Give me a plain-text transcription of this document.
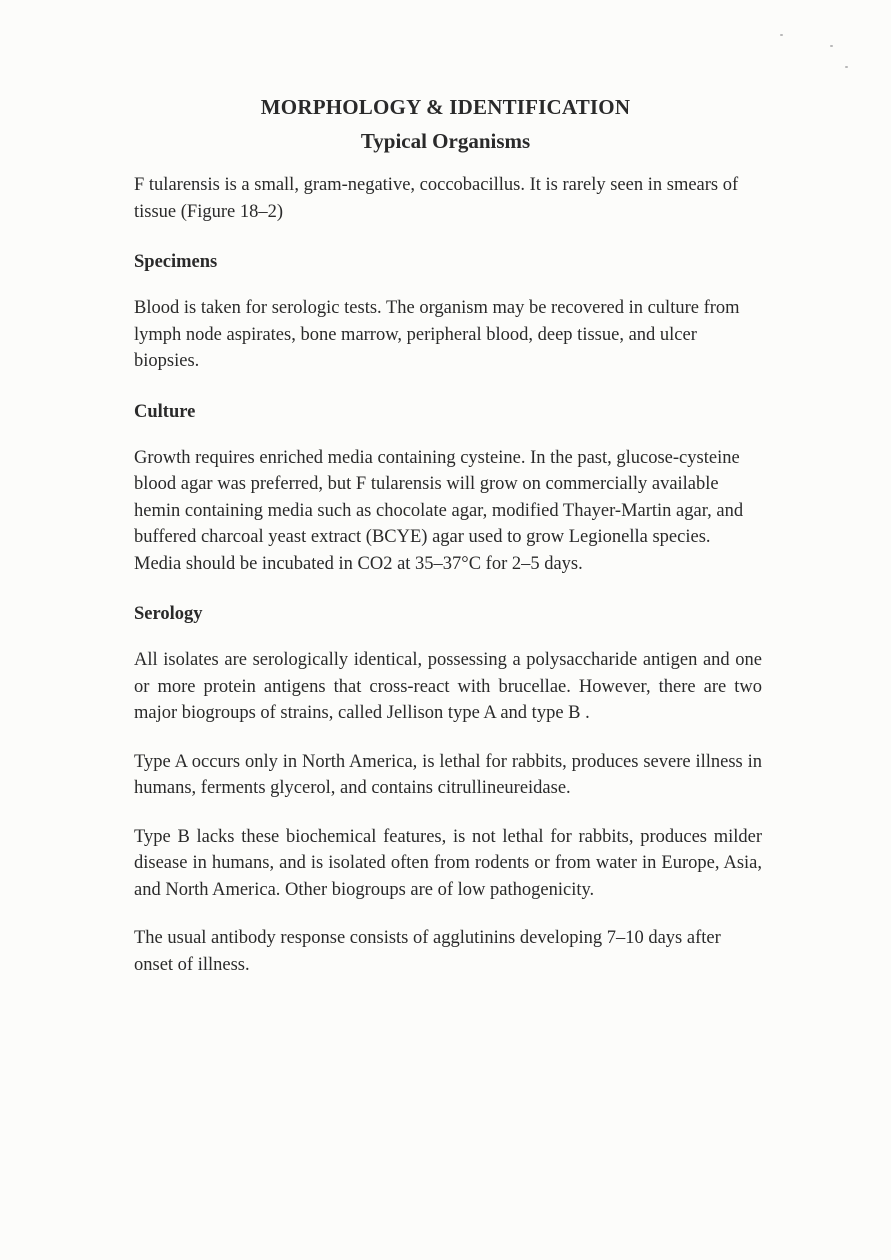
MORPHOLOGY & IDENTIFICATION
Typical Organisms

F tularensis is a small, gram-negative, coccobacillus. It is rarely seen in smears of tissue (Figure 18–2)

Specimens

Blood is taken for serologic tests. The organism may be recovered in culture from lymph node aspirates, bone marrow, peripheral blood, deep tissue, and ulcer biopsies.

Culture

Growth requires enriched media containing cysteine. In the past, glucose-cysteine blood agar was preferred, but F tularensis will grow on commercially available hemin containing media such as chocolate agar, modified Thayer-Martin agar, and buffered charcoal yeast extract (BCYE) agar used to grow Legionella species. Media should be incubated in CO2 at 35–37°C for 2–5 days.

Serology

All isolates are serologically identical, possessing a polysaccharide antigen and one or more protein antigens that cross-react with brucellae. However, there are two major biogroups of strains, called Jellison type A and type B .

Type A occurs only in North America, is lethal for rabbits, produces severe illness in humans, ferments glycerol, and contains citrullineureidase.

Type B lacks these biochemical features, is not lethal for rabbits, produces milder disease in humans, and is isolated often from rodents or from water in Europe, Asia, and North America. Other biogroups are of low pathogenicity.

The usual antibody response consists of agglutinins developing 7–10 days after onset of illness.
